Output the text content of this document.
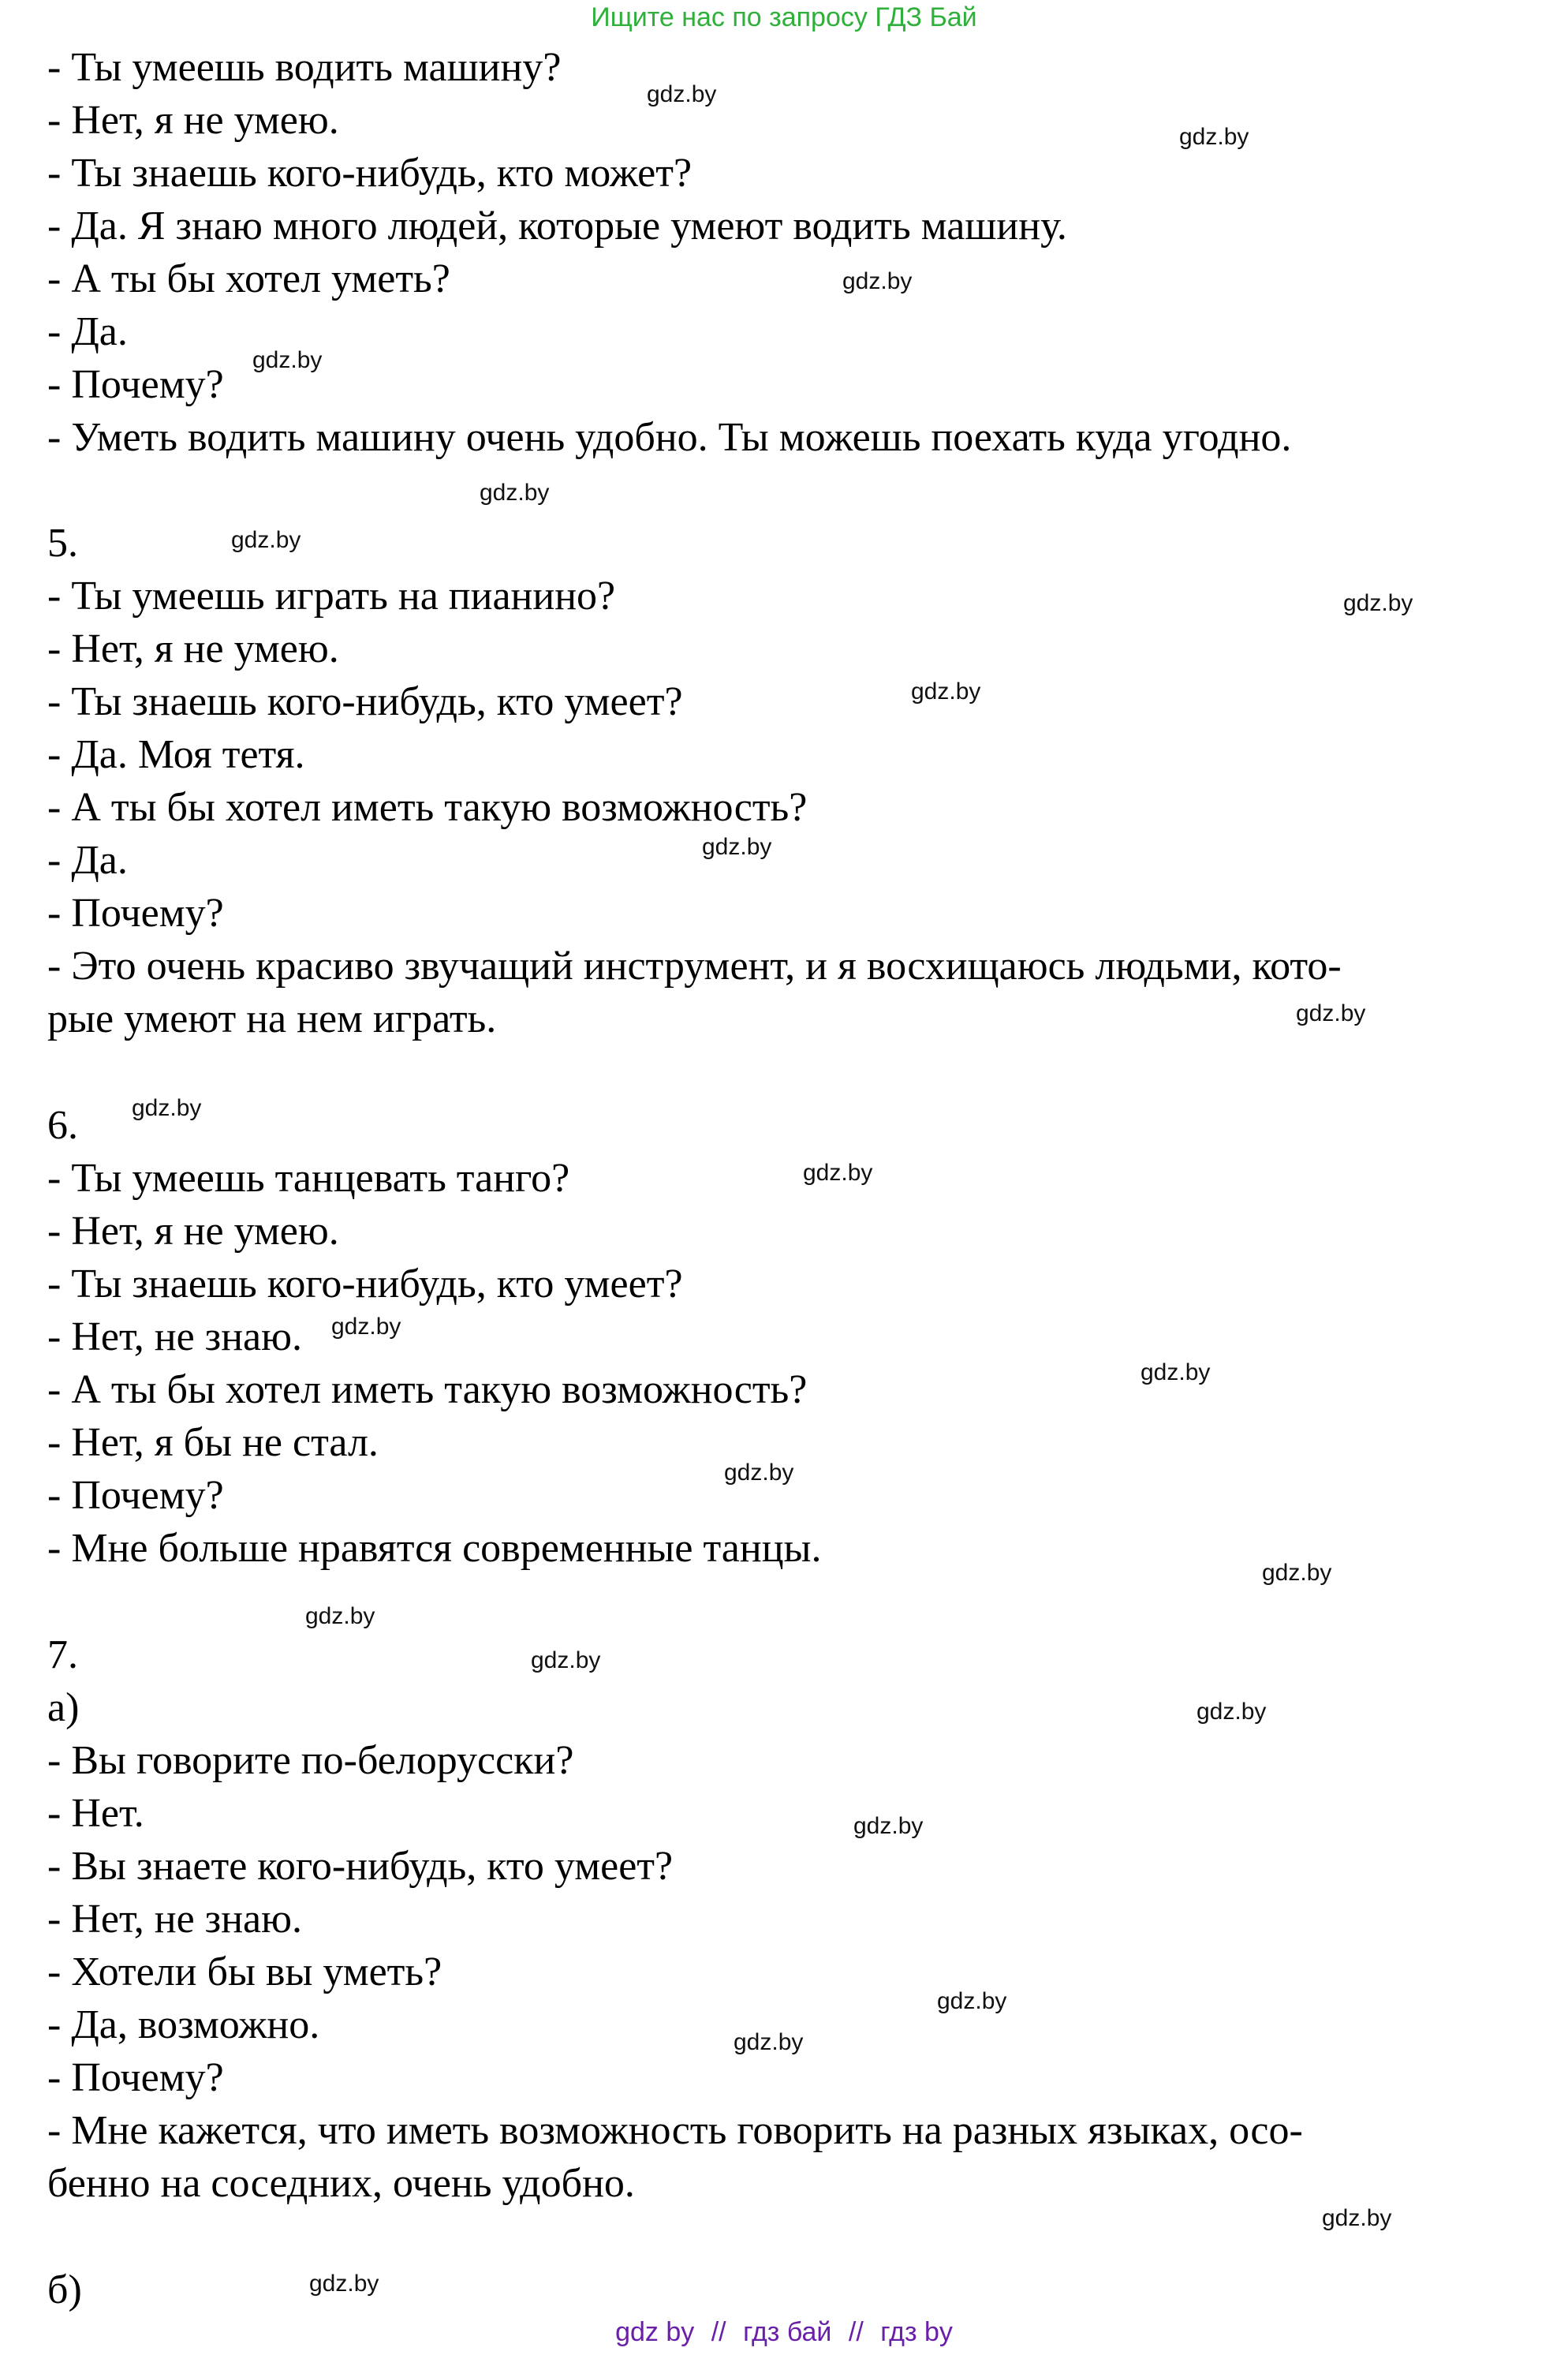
Ищите нас по запросу ГДЗ Бай
- Ты умеешь водить машину?
- Нет, я не умею.
- Ты знаешь кого-нибудь, кто может?
- Да. Я знаю много людей, которые умеют водить машину.
- А ты бы хотел уметь?
- Да.
- Почему?
- Уметь водить машину очень удобно. Ты можешь поехать куда угодно.
5.
- Ты умеешь играть на пианино?
- Нет, я не умею.
- Ты знаешь кого-нибудь, кто умеет?
- Да. Моя тетя.
- А ты бы хотел иметь такую возможность?
- Да.
- Почему?
- Это очень красиво звучащий инструмент, и я восхищаюсь людьми, кото-
рые умеют на нем играть.
6.
- Ты умеешь танцевать танго?
- Нет, я не умею.
- Ты знаешь кого-нибудь, кто умеет?
- Нет, не знаю.
- А ты бы хотел иметь такую возможность?
- Нет, я бы не стал.
- Почему?
- Мне больше нравятся современные танцы.
7.
а)
- Вы говорите по-белорусски?
- Нет.
- Вы знаете кого-нибудь, кто умеет?
- Нет, не знаю.
- Хотели бы вы уметь?
- Да, возможно.
- Почему?
- Мне кажется, что иметь возможность говорить на разных языках, осо-
бенно на соседних, очень удобно.
б)
gdz.by
gdz.by
gdz.by
gdz.by
gdz.by
gdz.by
gdz.by
gdz.by
gdz.by
gdz.by
gdz.by
gdz.by
gdz.by
gdz.by
gdz.by
gdz.by
gdz.by
gdz.by
gdz.by
gdz.by
gdz.by
gdz.by
gdz.by
gdz.by
gdz by // гдз бай // гдз by
